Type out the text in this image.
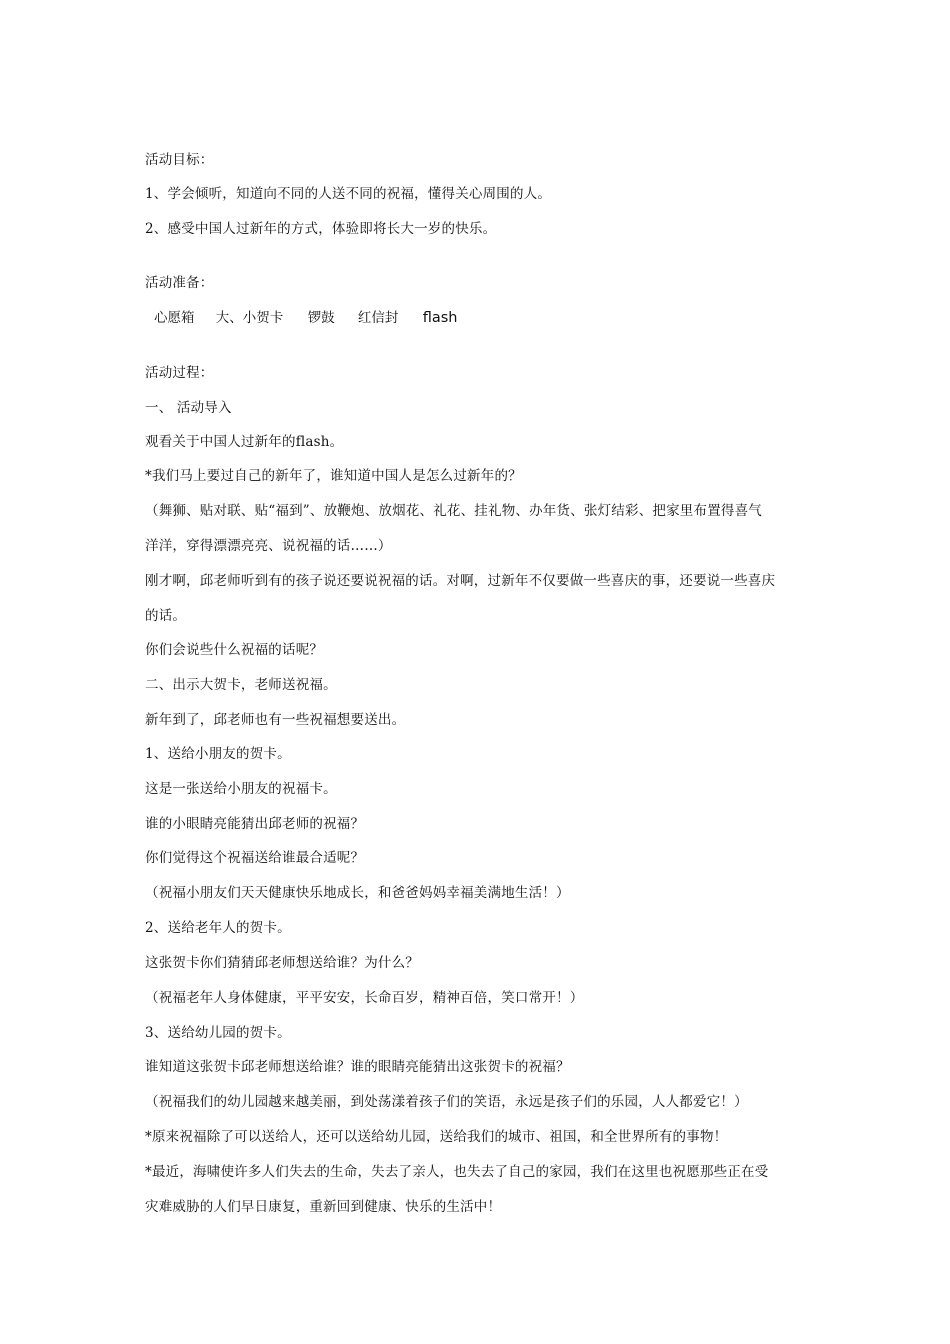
活动目标：
1、学会倾听，知道向不同的人送不同的祝福，懂得关心周围的人。
2、感受中国人过新年的方式，体验即将长大一岁的快乐。
活动准备：
心愿箱 大、小贺卡 锣鼓 红信封 flash
活动过程：
一、 活动导入
观看关于中国人过新年的flash。
*我们马上要过自己的新年了，谁知道中国人是怎么过新年的？
（舞狮、贴对联、贴“福到”、放鞭炮、放烟花、礼花、挂礼物、办年货、张灯结彩、把家里布置得喜气
洋洋，穿得漂漂亮亮、说祝福的话……）
刚才啊，邱老师听到有的孩子说还要说祝福的话。对啊，过新年不仅要做一些喜庆的事，还要说一些喜庆
的话。
你们会说些什么祝福的话呢？
二、出示大贺卡，老师送祝福。
新年到了，邱老师也有一些祝福想要送出。
1、送给小朋友的贺卡。
这是一张送给小朋友的祝福卡。
谁的小眼睛亮能猜出邱老师的祝福？
你们觉得这个祝福送给谁最合适呢？
（祝福小朋友们天天健康快乐地成长，和爸爸妈妈幸福美满地生活！）
2、送给老年人的贺卡。
这张贺卡你们猜猜邱老师想送给谁？为什么？
（祝福老年人身体健康，平平安安，长命百岁，精神百倍，笑口常开！）
3、送给幼儿园的贺卡。
谁知道这张贺卡邱老师想送给谁？谁的眼睛亮能猜出这张贺卡的祝福？
（祝福我们的幼儿园越来越美丽，到处荡漾着孩子们的笑语，永远是孩子们的乐园，人人都爱它！）
*原来祝福除了可以送给人，还可以送给幼儿园，送给我们的城市、祖国，和全世界所有的事物！
*最近，海啸使许多人们失去的生命，失去了亲人，也失去了自己的家园，我们在这里也祝愿那些正在受
灾难威胁的人们早日康复，重新回到健康、快乐的生活中！
